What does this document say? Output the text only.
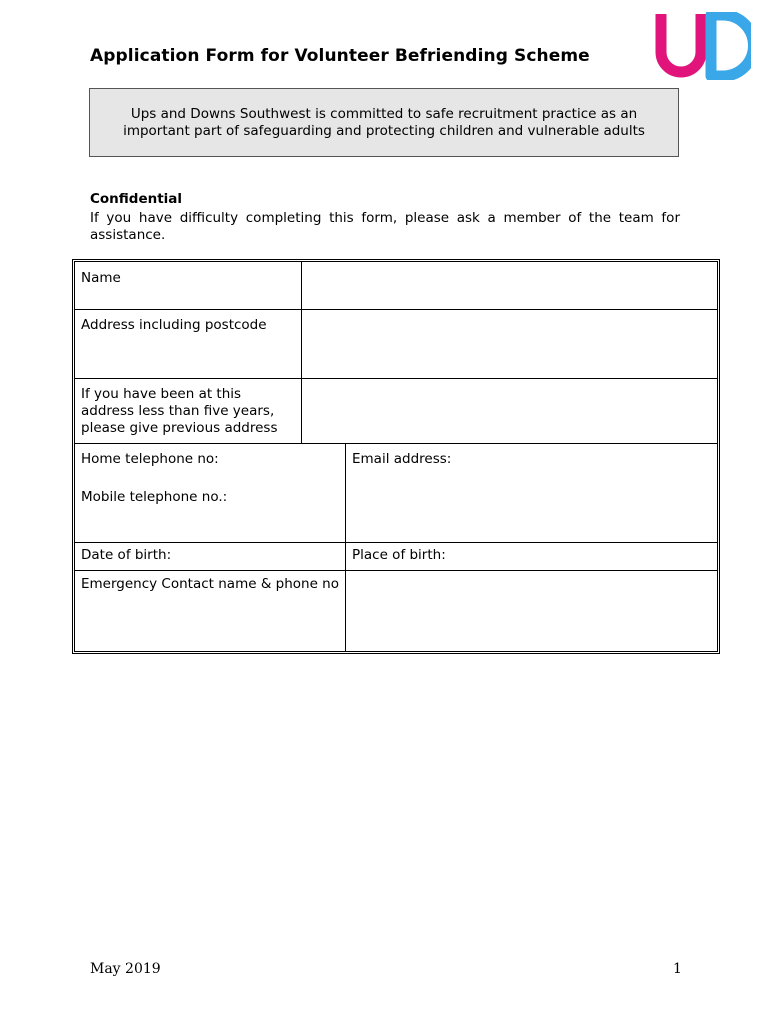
Application Form for Volunteer Befriending Scheme
Ups and Downs Southwest is committed to safe recruitment practice as an important part of safeguarding and protecting children and vulnerable adults
Confidential
If you have difficulty completing this form, please ask a member of the team for assistance.
Name
Address including postcode
If you have been at this address less than five years, please give previous address
Home telephone no:
Mobile telephone no.:
Email address:
Date of birth:	Place of birth:
Emergency Contact name & phone no
May 2019	1
